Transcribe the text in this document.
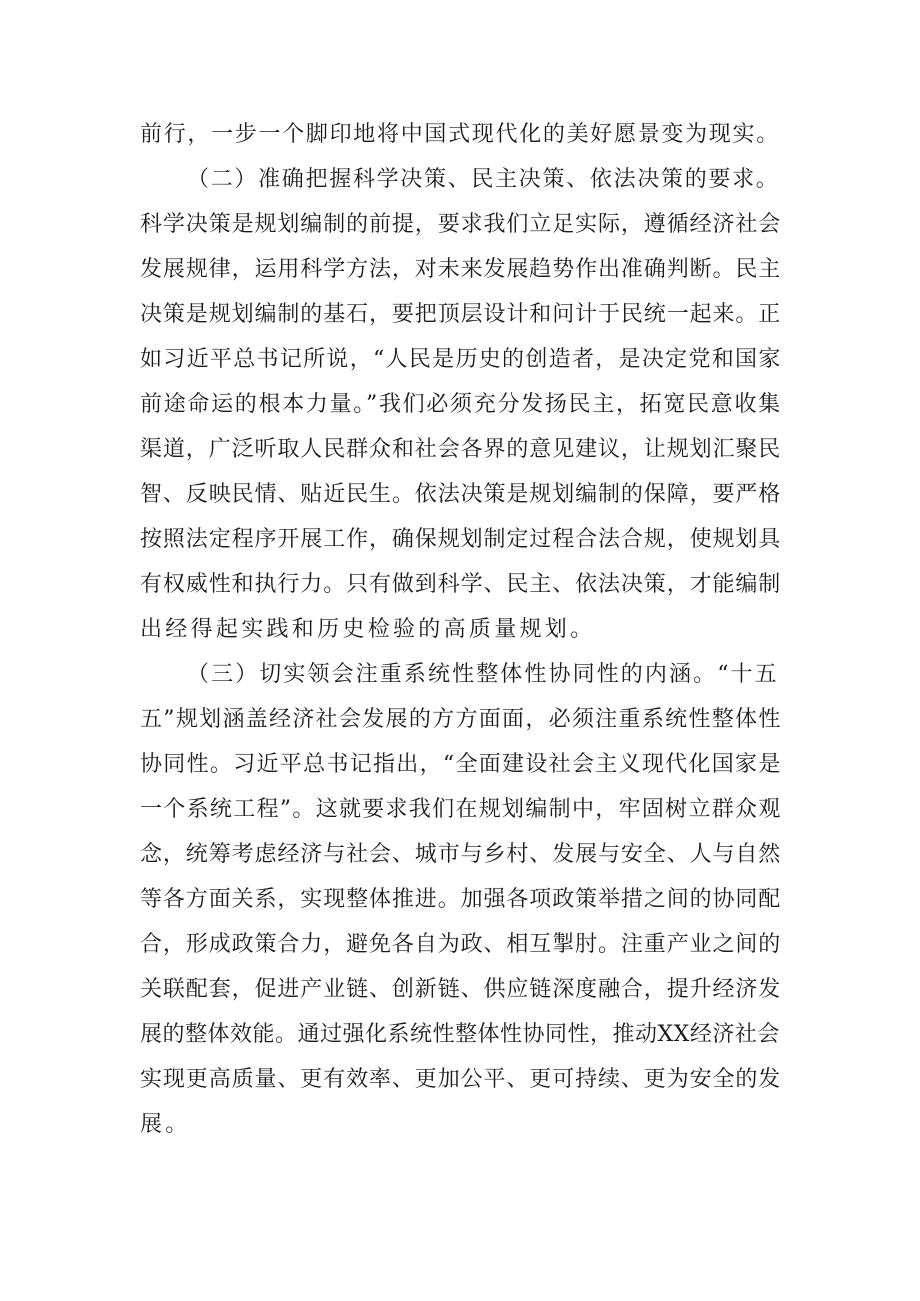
前行，一步一个脚印地将中国式现代化的美好愿景变为现实。
（二）准确把握科学决策、民主决策、依法决策的要求。
科学决策是规划编制的前提，要求我们立足实际，遵循经济社会
发展规律，运用科学方法，对未来发展趋势作出准确判断。民主
决策是规划编制的基石，要把顶层设计和问计于民统一起来。正
如习近平总书记所说，“人民是历史的创造者，是决定党和国家
前途命运的根本力量。”我们必须充分发扬民主，拓宽民意收集
渠道，广泛听取人民群众和社会各界的意见建议，让规划汇聚民
智、反映民情、贴近民生。依法决策是规划编制的保障，要严格
按照法定程序开展工作，确保规划制定过程合法合规，使规划具
有权威性和执行力。只有做到科学、民主、依法决策，才能编制
出经得起实践和历史检验的高质量规划。
（三）切实领会注重系统性整体性协同性的内涵。“十五
五”规划涵盖经济社会发展的方方面面，必须注重系统性整体性
协同性。习近平总书记指出，“全面建设社会主义现代化国家是
一个系统工程”。这就要求我们在规划编制中，牢固树立群众观
念，统筹考虑经济与社会、城市与乡村、发展与安全、人与自然
等各方面关系，实现整体推进。加强各项政策举措之间的协同配
合，形成政策合力，避免各自为政、相互掣肘。注重产业之间的
关联配套，促进产业链、创新链、供应链深度融合，提升经济发
展的整体效能。通过强化系统性整体性协同性，推动XX经济社会
实现更高质量、更有效率、更加公平、更可持续、更为安全的发
展。
